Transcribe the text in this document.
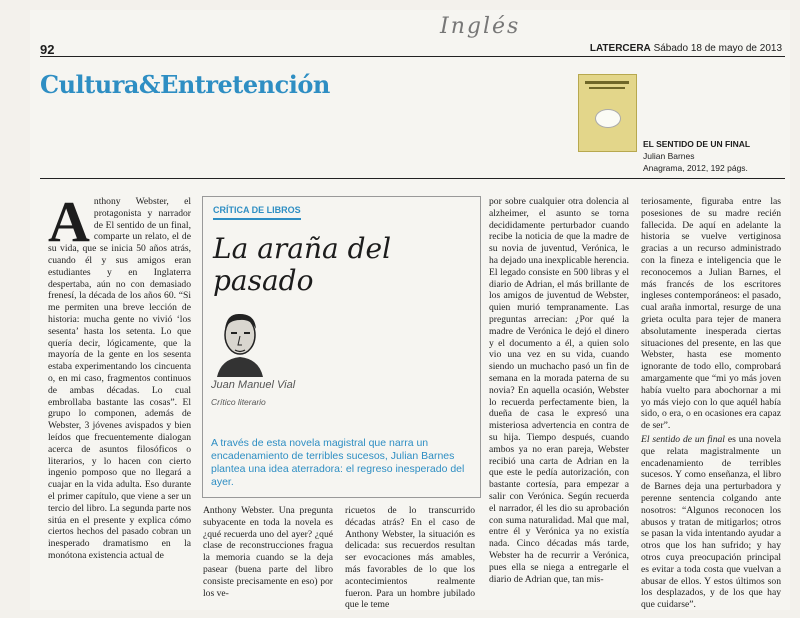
Inglés
92	LATERCERA Sábado 18 de mayo de 2013
Cultura&Entretención
EL SENTIDO DE UN FINAL
Julian Barnes
Anagrama, 2012, 192 págs.
A nthony Webster, el protagonista y narrador de El sentido de un final, comparte un relato, el de su vida, que se inicia 50 años atrás, cuando él y sus amigos eran estudiantes y en Inglaterra despertaba, aún no con demasiado frenesí, la década de los años 60. “Si me permiten una breve lección de historia: mucha gente no vivió ‘los sesenta’ hasta los setenta. Lo que quería decir, lógicamente, que la mayoría de la gente en los sesenta estaba experimentando los cincuenta o, en mi caso, fragmentos continuos de ambas décadas. Lo cual embrollaba bastante las cosas”. El grupo lo componen, además de Webster, 3 jóvenes avispados y bien leídos que frecuentemente dialogan acerca de asuntos filosóficos o literarios, y lo hacen con cierto ingenio pomposo que no llegará a cuajar en la vida adulta. Eso durante el primer capítulo, que viene a ser un tercio del libro. La segunda parte nos sitúa en el presente y explica cómo ciertos hechos del pasado cobran un inesperado dramatismo en la monótona existencia actual de

CRÍTICA DE LIBROS
La araña del pasado
Juan Manuel Vial
Crítico literario
A través de esta novela magistral que narra un encadenamiento de terribles sucesos, Julian Barnes plantea una idea aterradora: el regreso inesperado del ayer.

Anthony Webster. Una pregunta subyacente en toda la novela es ¿qué recuerda uno del ayer? ¿qué clase de reconstrucciones fragua la memoria cuando se la deja pasear (buena parte del libro consiste precisamente en eso) por los ve-

ricuetos de lo transcurrido décadas atrás? En el caso de Anthony Webster, la situación es delicada: sus recuerdos resultan ser evocaciones más amables, más favorables de lo que los acontecimientos realmente fueron. Para un hombre jubilado que le teme

por sobre cualquier otra dolencia al alzheimer, el asunto se torna decididamente perturbador cuando recibe la noticia de que la madre de su novia de juventud, Verónica, le ha dejado una inexplicable herencia. El legado consiste en 500 libras y el diario de Adrian, el más brillante de los amigos de juventud de Webster, quien murió tempranamente. Las preguntas arrecian: ¿Por qué la madre de Verónica le dejó el dinero y el documento a él, a quien solo vio una vez en su vida, cuando siendo un muchacho pasó un fin de semana en la morada paterna de su novia? En aquella ocasión, Webster lo recuerda perfectamente bien, la dueña de casa le expresó una misteriosa advertencia en contra de su hija. Tiempo después, cuando ambos ya no eran pareja, Webster recibió una carta de Adrian en la que este le pedía autorización, con bastante cortesía, para empezar a salir con Verónica. Según recuerda el narrador, él les dio su aprobación con suma naturalidad. Mal que mal, entre él y Verónica ya no existía nada. Cinco décadas más tarde, Webster ha de recurrir a Verónica, pues ella se niega a entregarle el diario de Adrian que, tan mis-

teriosamente, figuraba entre las posesiones de su madre recién fallecida. De aquí en adelante la historia se vuelve vertiginosa gracias a un recurso administrado con la fineza e inteligencia que le reconocemos a Julian Barnes, el más francés de los escritores ingleses contemporáneos: el pasado, cual araña inmortal, resurge de una grieta oculta para tejer de manera absolutamente inesperada ciertas situaciones del presente, en las que Webster, hasta ese momento ignorante de todo ello, comprobará amargamente que “mi yo más joven había vuelto para abochornar a mi yo más viejo con lo que aquél había sido, o era, o en ocasiones era capaz de ser”.

El sentido de un final es una novela que relata magistralmente un encadenamiento de terribles sucesos. Y como enseñanza, el libro de Barnes deja una perturbadora y perenne sentencia colgando ante nosotros: “Algunos reconocen los abusos y tratan de mitigarlos; otros se pasan la vida intentando ayudar a otros que los han sufrido; y hay otros cuya preocupación principal es evitar a toda costa que vuelvan a abusar de ellos. Y estos últimos son los desplazados, y de los que hay que cuidarse”.
